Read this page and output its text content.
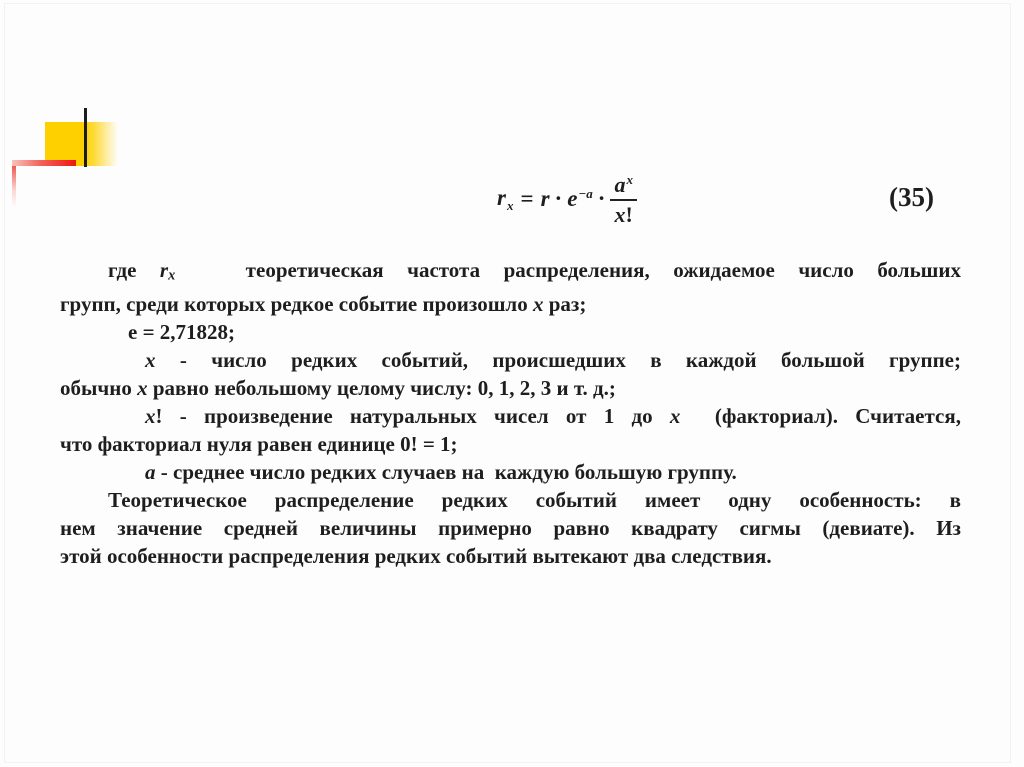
$r_x = r \cdot e^{-a}$ ·
$a^x$
x!
(35)
где rx   теоретическая частота распределения, ожидаемое число больших
групп, среди которых редкое событие произошло x раз;
e = 2,71828;
x - число редких событий, происшедших в каждой большой группе;
обычно x равно небольшому целому числу: 0, 1, 2, 3 и т. д.;
x! - произведение натуральных чисел от 1 до x  (факториал). Считается,
что факториал нуля равен единице 0! = 1;
a - среднее число редких случаев на  каждую большую группу.
Теоретическое распределение редких событий имеет одну особенность: в
нем значение средней величины примерно равно квадрату сигмы (девиате). Из
этой особенности распределения редких событий вытекают два следствия.
